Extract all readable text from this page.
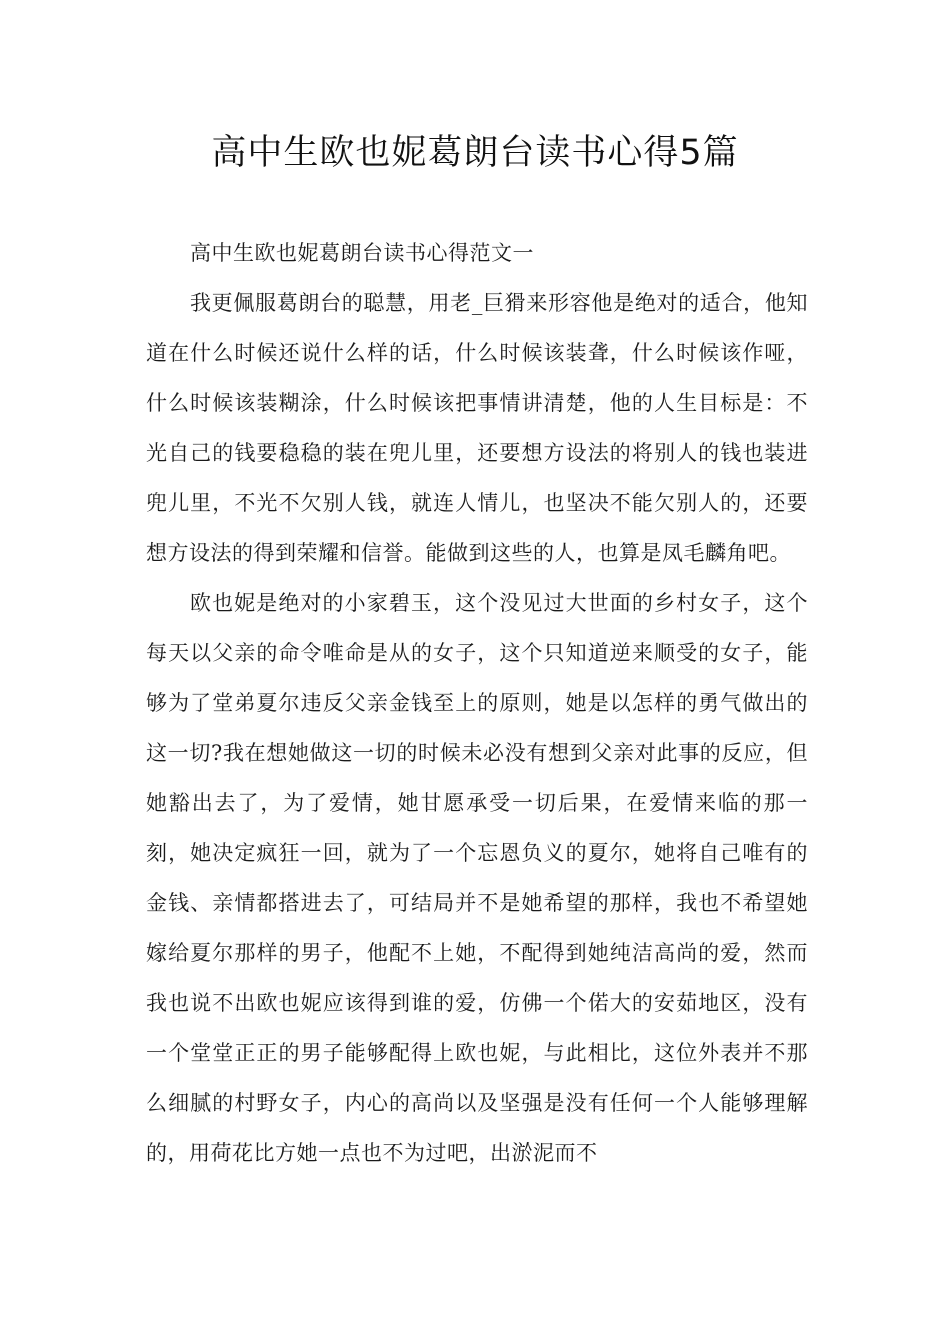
高中生欧也妮葛朗台读书心得5篇

高中生欧也妮葛朗台读书心得范文一

我更佩服葛朗台的聪慧，用老_巨猾来形容他是绝对的适合，他知道在什么时候还说什么样的话，什么时候该装聋，什么时候该作哑，什么时候该装糊涂，什么时候该把事情讲清楚，他的人生目标是：不光自己的钱要稳稳的装在兜儿里，还要想方设法的将别人的钱也装进兜儿里，不光不欠别人钱，就连人情儿，也坚决不能欠别人的，还要想方设法的得到荣耀和信誉。能做到这些的人，也算是凤毛麟角吧。

欧也妮是绝对的小家碧玉，这个没见过大世面的乡村女子，这个每天以父亲的命令唯命是从的女子，这个只知道逆来顺受的女子，能够为了堂弟夏尔违反父亲金钱至上的原则，她是以怎样的勇气做出的这一切?我在想她做这一切的时候未必没有想到父亲对此事的反应，但她豁出去了，为了爱情，她甘愿承受一切后果，在爱情来临的那一刻，她决定疯狂一回，就为了一个忘恩负义的夏尔，她将自己唯有的金钱、亲情都搭进去了，可结局并不是她希望的那样，我也不希望她嫁给夏尔那样的男子，他配不上她，不配得到她纯洁高尚的爱，然而我也说不出欧也妮应该得到谁的爱，仿佛一个偌大的安茹地区，没有一个堂堂正正的男子能够配得上欧也妮，与此相比，这位外表并不那么细腻的村野女子，内心的高尚以及坚强是没有任何一个人能够理解的，用荷花比方她一点也不为过吧，出淤泥而不
